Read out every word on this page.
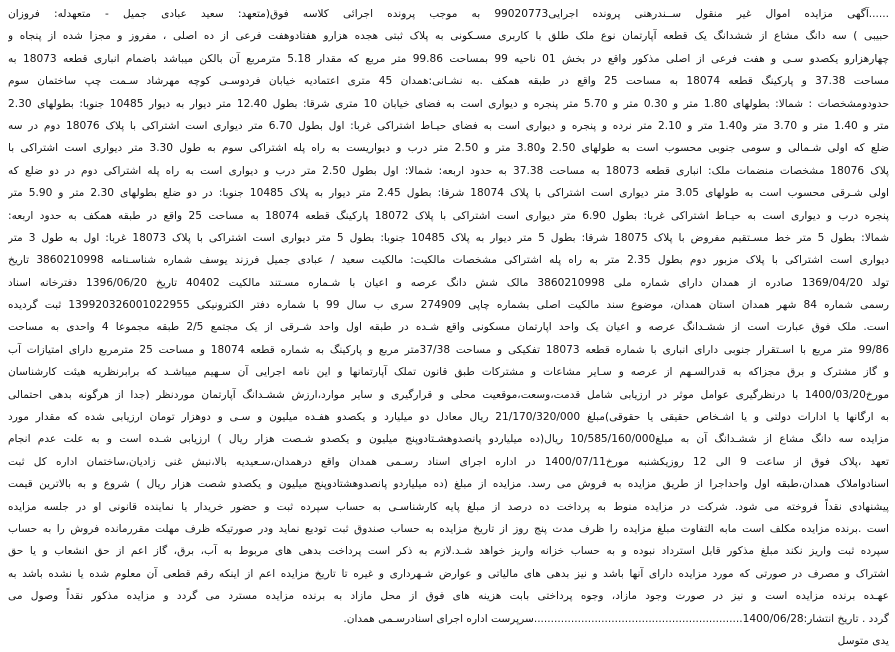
......آگهی مزایده اموال غیر منقول ســندرهنی پرونده اجرایی99020773 به موجب پرونده اجرائی کلاسه فوق(متعهد: سعید عبادی جمیل - متعهدله: فروزان
حبیبی ) سه دانگ مشاع از ششدانگ یک قطعه آپارتمان نوع ملک طلق با کاربری مسـکونی به پلاک ثبتی هجده هزارو هفتادوهفت فرعی از ده اصلی ، مفروز و مجزا شده از پنجاه و
چهارهزارو یکصدو سـی و هفت فرعی از اصلی مذکور واقع در بخش 01 ناحیه 99 بمساحت 99.86 متر مربع که مقدار 5.18 مترمربع آن بالکن میباشد باضمام انباری قطعه 18073 به
مساحت 37.38 و پارکینگ قطعه 18074 به مساحت 25 واقع در طبقه همکف .به نشـانی:همدان 45 متری اعتمادیه خیابان فردوسـی کوچه مهرشاد سـمت چپ ساختمان سوم
حدودومشخصات : شمالا: بطولهای 1.80 متر و 0.30 متر و 5.70 متر پنجره و دیواری است به فضای خیابان 10 متری شرقا: بطول 12.40 متر دیوار به دیوار 10485 جنوبا: بطولهای 2.30
متر و 1.40 متر و 3.70 متر و1.40 متر و 2.10 متر نرده و پنجره و دیواری است به فضای حیـاط اشتراکی غربا: اول بطول 6.70 متر دیواری است اشتراکی با پلاک 18076 دوم در سه
ضلع که اولی شـمالی و سومی جنوبی محسوب است به طولهای 2.50 و3.80 متر و 2.50 متر درب و دیواریست به راه پله اشتراکی سوم به طول 3.30 متر دیواری است اشتراکی با
پلاک 18076 مشخصات منضمات ملک: انباری قطعه 18073 به مساحت 37.38 به حدود اربعه: شمالا: اول بطول 2.50 متر درب و دیواری است به راه پله اشتراکی دوم در دو ضلع که
اولی شـرقی محسوب است به طولهای 3.05 متر دیواری است اشتراکی با پلاک 18074 شرقا: بطول 2.45 متر دیوار به پلاک 10485 جنوبا: در دو ضلع بطولهای 2.30 متر و 5.90 متر
پنجره درب و دیواری است به حیـاط اشتراکی غربا: بطول 6.90 متر دیواری است اشتراکی با پلاک 18072 پارکینگ قطعه 18074 به مساحت 25 واقع در طبقه همکف به حدود اربعه:
شمالا: بطول 5 متر خط مسـتقیم مفروض با پلاک 18075 شرقا: بطول 5 متر دیوار به پلاک 10485 جنوبا: بطول 5 متر دیواری است اشتراکی با پلاک 18073 غربا: اول به طول 3 متر
دیواری است اشتراکی با پلاک مزبور دوم بطول 2.35 متر به راه پله اشتراکی مشخصات مالکیت: مالکیت سعید / عبادی جمیل فرزند یوسف شماره شناسـنامه 3860210998 تاریخ
تولد 1369/04/20 صادره از همدان دارای شماره ملی 3860210998 مالک شش دانگ عرصه و اعیان با شـماره مسـتند مالکیت 40402 تاریخ 1396/06/20 دفترخانه اسناد
رسمی شماره 84 شهر همدان استان همدان، موضوع سند مالکیت اصلی بشماره چاپی 274909 سری ب سال 99 با شماره دفتر الکترونیکی 139920326001022955 ثبت گردیده
است. ملک فوق عبارت است از ششـدانگ عرصه و اعیان یک واحد اپارتمان مسکونی واقع شـده در طبقه اول واحد شـرقی از یک مجتمع 2/5 طبقه مجموعا 4 واحدی به مساحت
99/86 متر مربع با اسـتقرار جنوبی دارای انباری با شماره قطعه 18073 تفکیکی و مساحت 37/38متر مربع و پارکینگ به شماره قطعه 18074 و مساحت 25 مترمربع دارای امتیازات آب
و گاز مشترک و برق مجزاکه به قدرالسـهم از عرصه و سـایر مشاعات و مشترکات طبق قانون تملک آپارتمانها و این نامه اجرایی آن سـهیم میباشـد که برابرنظریه هیئت کارشناسان
مورخ1400/03/20 با درنظرگیری عوامل موثر در ارزیابی شامل قدمت،وسعت،موقعیت محلی و قرارگیری و سایر موارد،ارزش ششـدانگ آپارتمان موردنظر (جدا از هرگونه بدهی احتمالی
به ارگانها یا ادارات دولتی و یا اشـخاص حقیقی یا حقوقی)مبلغ 21/170/320/000 ریال معادل دو میلیارد و یکصدو هفـده میلیون و سـی و دوهزار تومان ارزیابی شده که مقدار مورد
مزایده سه دانگ مشاع از ششـدانگ آن به مبلغ10/585/160/000 ریال(ده میلیاردو پانصدوهشـتادوپنج میلیون و یکصدو شـصت هزار ریال ) ارزیابی شـده است و به علت عدم انجام
تعهد ،پلاک فوق از ساعت 9 الی 12 روزیکشنبه مورخ1400/07/11 در اداره اجرای اسناد رسـمی همدان واقع درهمدان،سـعیدیه بالا،نبش غنی زادیان،ساختمان اداره کل ثبت
اسنادواملاک همدان،طبقه اول واحداجرا از طریق مزایده به فروش می رسد. مزایده از مبلغ (ده میلیاردو پانصدوهشتادوپنج میلیون و یکصدو شصت هزار ریال ) شروع و به بالاترین قیمت
پیشنهادی نقداً فروخته می شود. شرکت در مزایده منوط به پرداخت ده درصد از مبلغ پایه کارشناسـی به حساب سپرده ثبت و حضور خریدار یا نماینده قانونی او در جلسه مزایده
است .برنده مزایده مکلف است مابه التفاوت مبلغ مزایده را ظرف مدت پنج روز از تاریخ مزایده به حساب صندوق ثبت تودیع نماید ودر صورتیکه ظرف مهلت مقررمانده فروش را به حساب
سپرده ثبت واریز نکند مبلغ مذکور قابل استرداد نبوده و به حساب خزانه واریز خواهد شـد.لازم به ذکر است پرداخت بدهی های مربوط به آب، برق، گاز اعم از حق انشعاب و یا حق
اشتراک و مصرف در صورتی که مورد مزایده دارای آنها باشد و نیز بدهی های مالیاتی و عوارض شـهرداری و غیره تا تاریخ مزایده اعم از اینکه رقم قطعی آن معلوم شده یا نشده باشد به
عهـده برنده مزایده است و نیز در صورت وجود مازاد، وجوه پرداختی بابت هزینه های فوق از محل مازاد به برنده مزایده مسترد می گردد و مزایده مذکور نقداً وصول می
گردد . تاریخ انتشار:1400/06/28..............................................................سرپرست اداره اجرای اسنادرسـمی همدان.
یدی متوسل
